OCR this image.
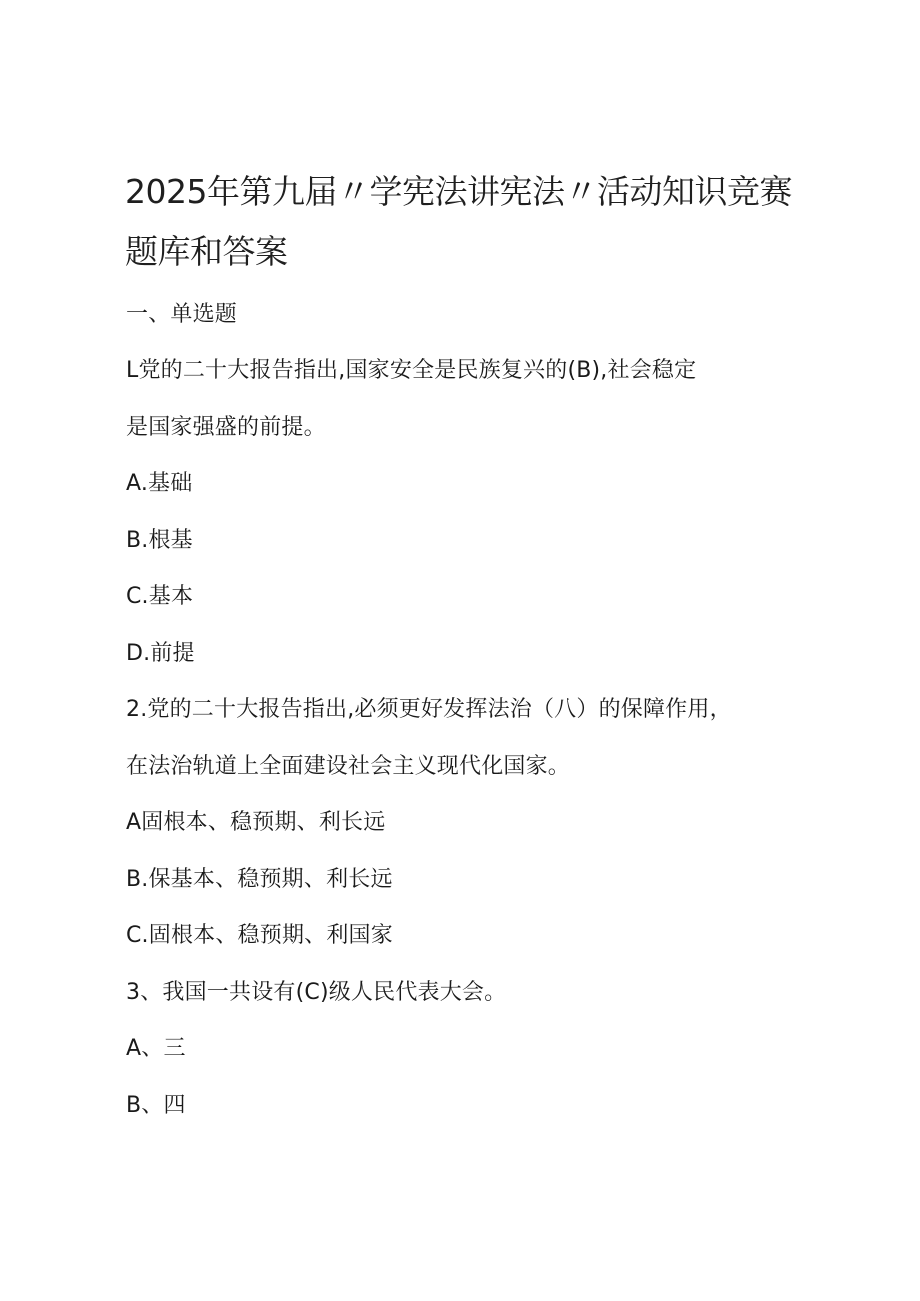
2025年第九届〃学宪法讲宪法〃活动知识竞赛
题库和答案
一、单选题
L党的二十大报告指出,国家安全是民族复兴的(B),社会稳定
是国家强盛的前提。
A.基础
B.根基
C.基本
D.前提
2.党的二十大报告指出,必须更好发挥法治（八）的保障作用，
在法治轨道上全面建设社会主义现代化国家。
A固根本、稳预期、利长远
B.保基本、稳预期、利长远
C.固根本、稳预期、利国家
3、我国一共设有(C)级人民代表大会。
A、三
B、四
